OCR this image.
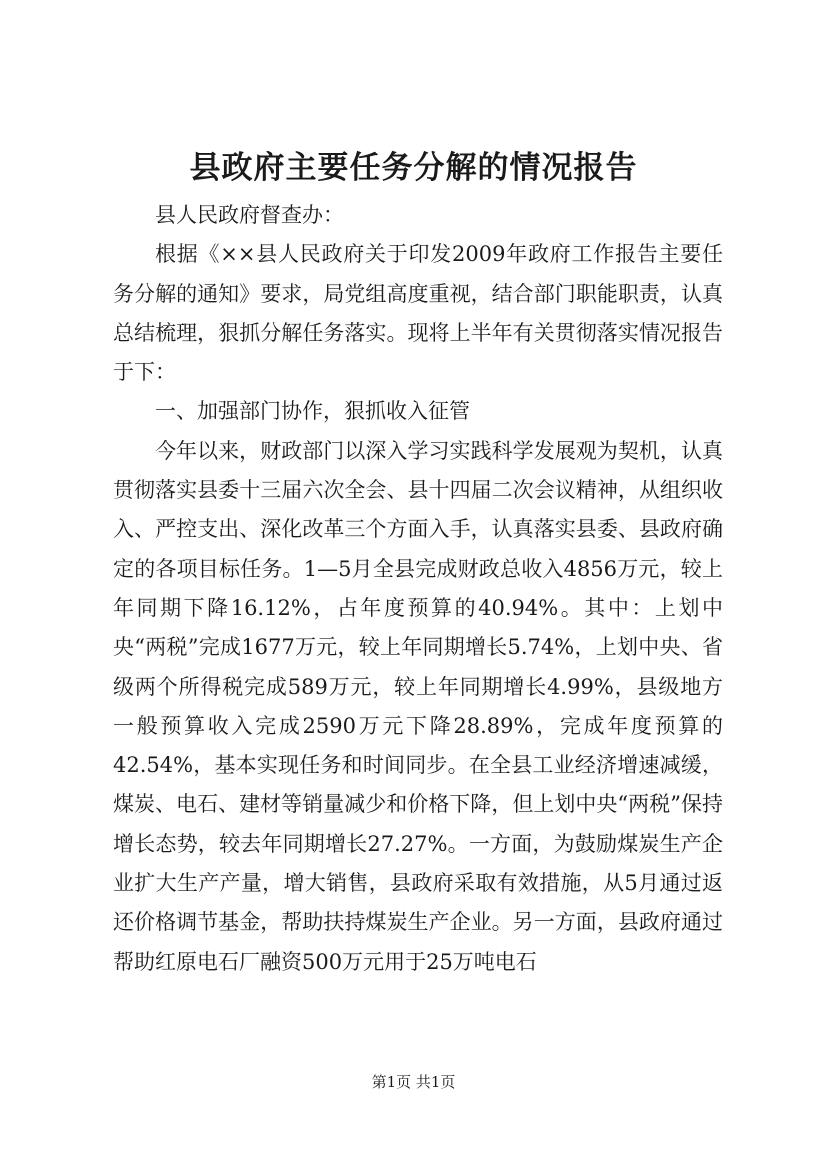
县政府主要任务分解的情况报告

县人民政府督查办：

根据《××县人民政府关于印发2009年政府工作报告主要任务分解的通知》要求，局党组高度重视，结合部门职能职责，认真总结梳理，狠抓分解任务落实。现将上半年有关贯彻落实情况报告于下：

一、加强部门协作，狠抓收入征管

今年以来，财政部门以深入学习实践科学发展观为契机，认真贯彻落实县委十三届六次全会、县十四届二次会议精神，从组织收入、严控支出、深化改革三个方面入手，认真落实县委、县政府确定的各项目标任务。1—5月全县完成财政总收入4856万元，较上年同期下降16.12%，占年度预算的40.94%。其中：上划中央“两税”完成1677万元，较上年同期增长5.74%，上划中央、省级两个所得税完成589万元，较上年同期增长4.99%，县级地方一般预算收入完成2590万元下降28.89%，完成年度预算的42.54%，基本实现任务和时间同步。在全县工业经济增速减缓，煤炭、电石、建材等销量减少和价格下降，但上划中央“两税”保持增长态势，较去年同期增长27.27%。一方面，为鼓励煤炭生产企业扩大生产产量，增大销售，县政府采取有效措施，从5月通过返还价格调节基金，帮助扶持煤炭生产企业。另一方面，县政府通过帮助红原电石厂融资500万元用于25万吨电石

第1页 共1页
